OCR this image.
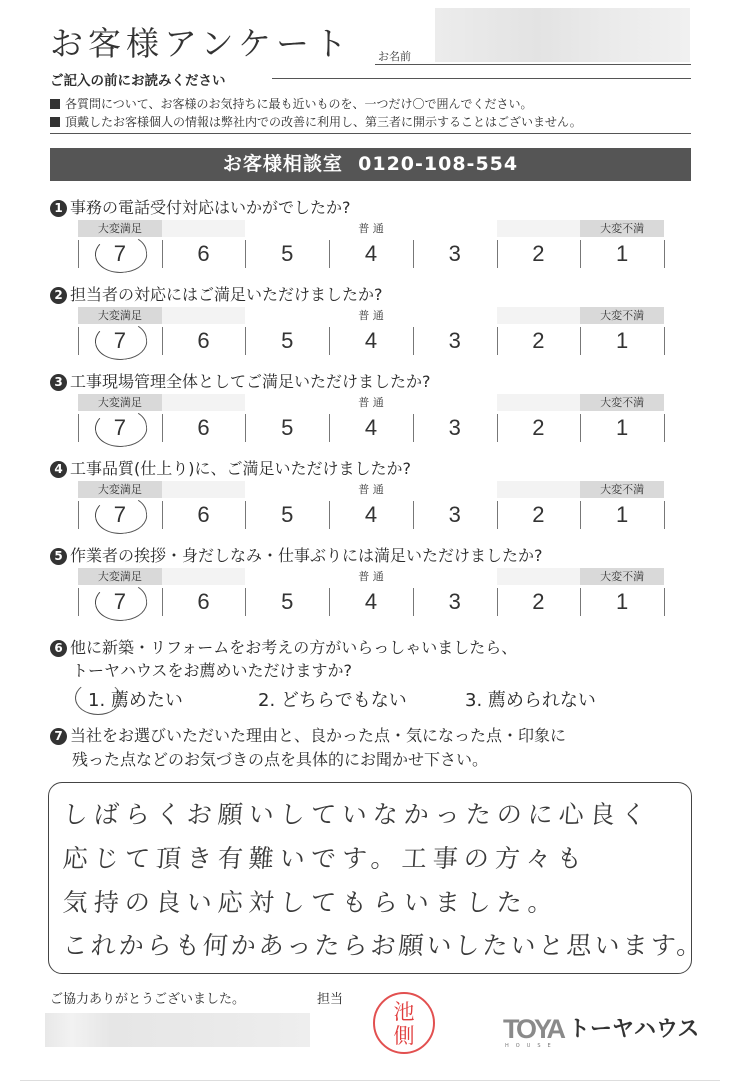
お客様アンケート お名前
ご記入の前にお読みください
各質問について、お客様のお気持ちに最も近いものを、一つだけ〇で囲んでください。
頂戴したお客様個人の情報は弊社内での改善に利用し、第三者に開示することはございません。
お客様相談室 0120-108-554
1 事務の電話受付対応はいかがでしたか?
大変満足	普 通	大変不満
7	6	5	4	3	2	1
2 担当者の対応にはご満足いただけましたか?
大変満足	普 通	大変不満
7	6	5	4	3	2	1
3 工事現場管理全体としてご満足いただけましたか?
大変満足	普 通	大変不満
7	6	5	4	3	2	1
4 工事品質(仕上り)に、ご満足いただけましたか?
大変満足	普 通	大変不満
7	6	5	4	3	2	1
5 作業者の挨拶・身だしなみ・仕事ぶりには満足いただけましたか?
大変満足	普 通	大変不満
7	6	5	4	3	2	1
6 他に新築・リフォームをお考えの方がいらっしゃいましたら、
トーヤハウスをお薦めいただけますか?
1. 薦めたい	2. どちらでもない	3. 薦められない
7 当社をお選びいただいた理由と、良かった点・気になった点・印象に
残った点などのお気づきの点を具体的にお聞かせ下さい。
しばらくお願いしていなかったのに心良く
応じて頂き有難いです。工事の方々も
気持の良い応対してもらいました。
これからも何かあったらお願いしたいと思います。
ご協力ありがとうございました。	担当
池
側	TOYA
HOUSE
トーヤハウス
